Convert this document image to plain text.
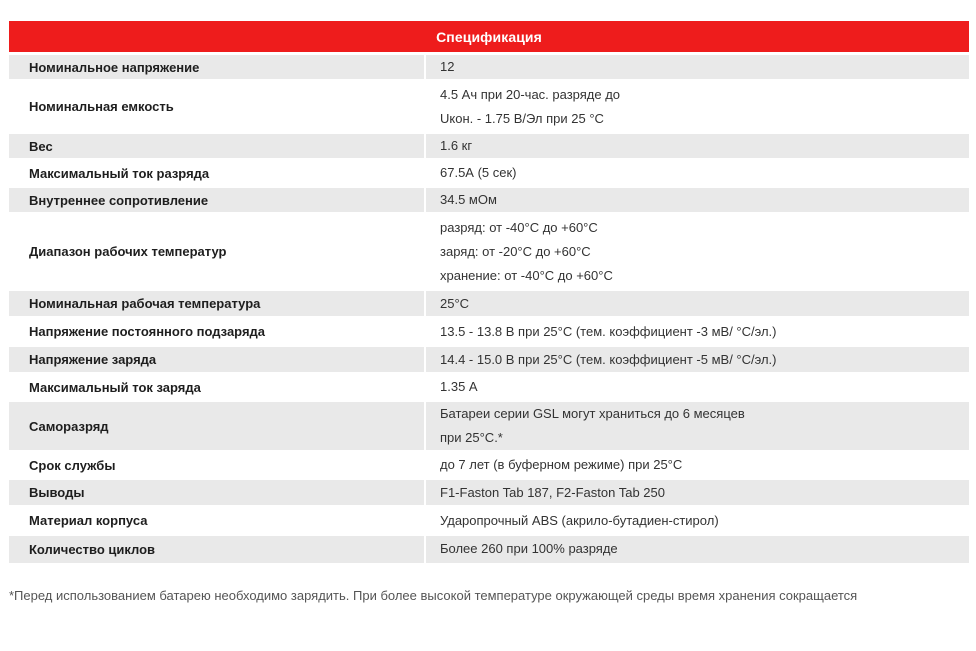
Спецификация
Номинальное напряжение	12

Номинальная емкость	4.5 Ач при 20-час. разряде до
Uкон. - 1.75 В/Эл при 25 °С

Вес	1.6 кг

Максимальный ток разряда	67.5А (5 сек)

Внутреннее сопротивление	34.5 мОм

Диапазон рабочих температур	разряд: от -40°С до +60°С
заряд: от -20°С до +60°С
хранение: от -40°С до +60°С

Номинальная рабочая температура	25°С

Напряжение постоянного подзаряда	13.5 - 13.8 В при 25°С (тем. коэффициент -3 мВ/ °С/эл.)

Напряжение заряда	14.4 - 15.0 В при 25°С (тем. коэффициент -5 мВ/ °С/эл.)

Максимальный ток заряда	1.35 А

Саморазряд	Батареи серии GSL могут храниться до 6 месяцев
при 25°С.*

Срок службы	до 7 лет (в буферном режиме) при 25°С

Выводы	F1-Faston Tab 187, F2-Faston Tab 250

Материал корпуса	Ударопрочный ABS (акрило-бутадиен-стирол)

Количество циклов	Более 260 при 100% разряде
*Перед использованием батарею необходимо зарядить. При более высокой температуре окружающей среды время хранения сокращается
